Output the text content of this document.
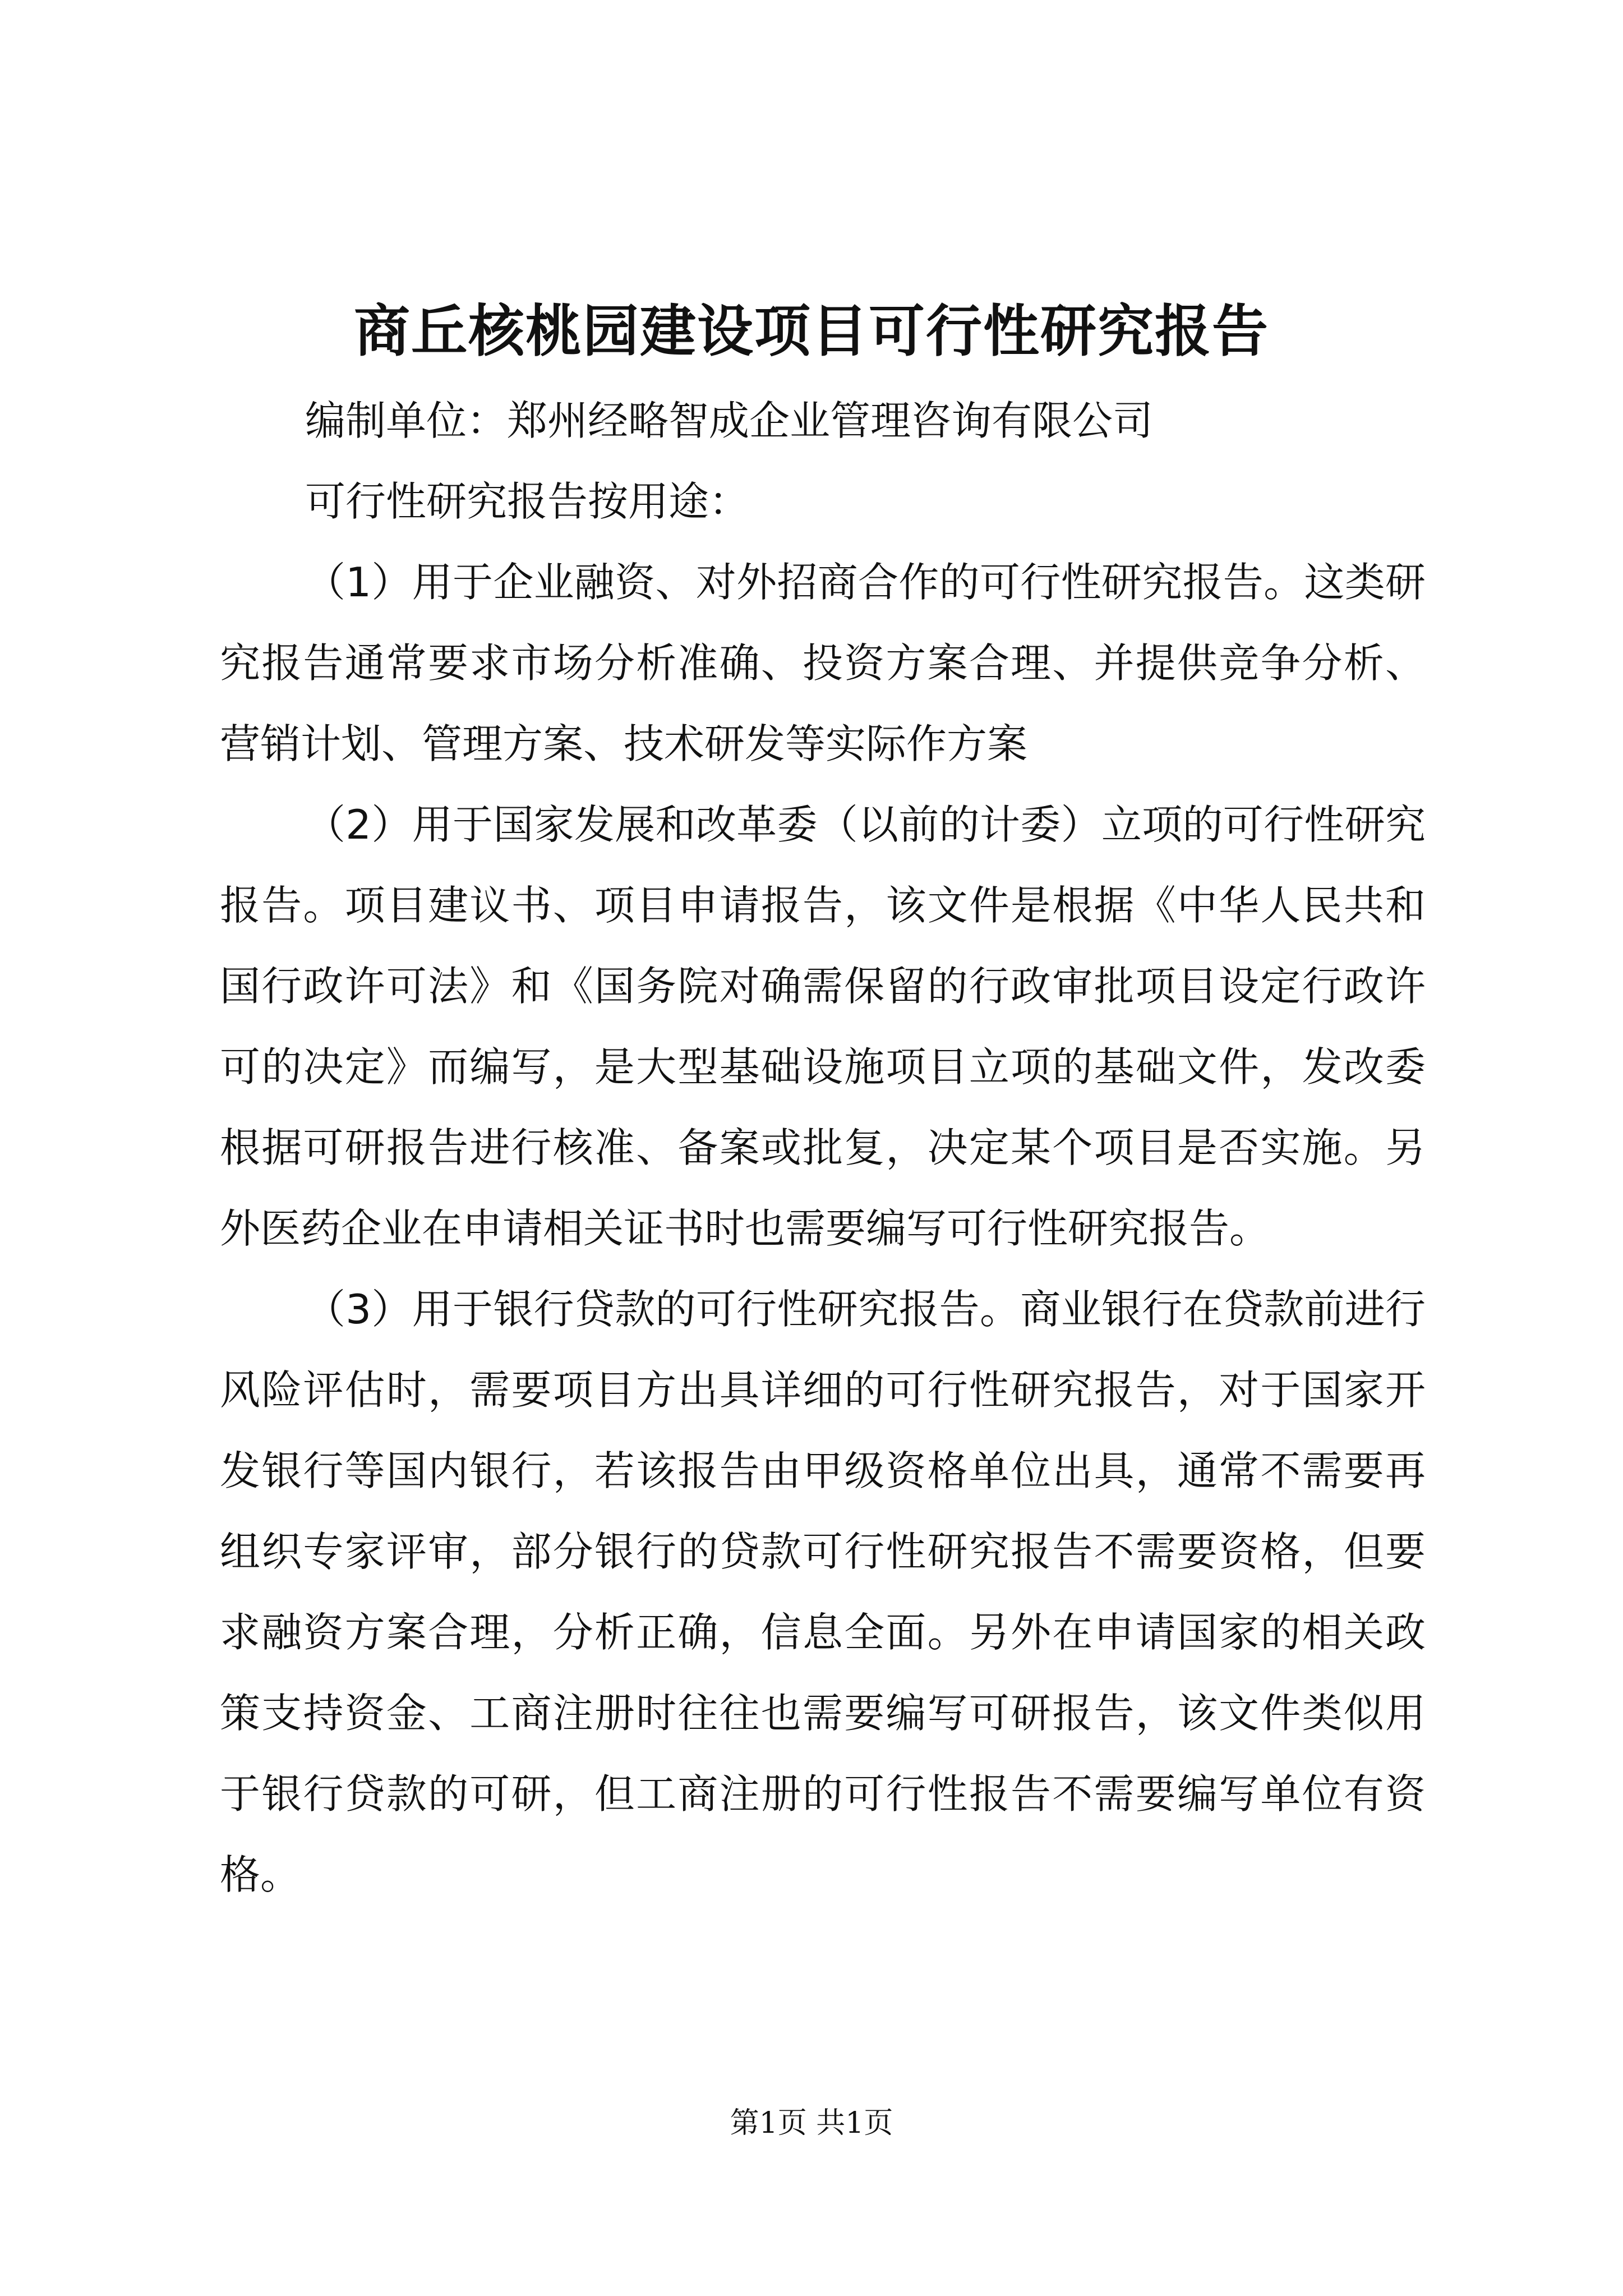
商丘核桃园建设项目可行性研究报告

编制单位：郑州经略智成企业管理咨询有限公司

可行性研究报告按用途：

（1）用于企业融资、对外招商合作的可行性研究报告。这类研究报告通常要求市场分析准确、投资方案合理、并提供竞争分析、营销计划、管理方案、技术研发等实际作方案

（2）用于国家发展和改革委（以前的计委）立项的可行性研究报告。项目建议书、项目申请报告，该文件是根据《中华人民共和国行政许可法》和《国务院对确需保留的行政审批项目设定行政许可的决定》而编写，是大型基础设施项目立项的基础文件，发改委根据可研报告进行核准、备案或批复，决定某个项目是否实施。另外医药企业在申请相关证书时也需要编写可行性研究报告。

（3）用于银行贷款的可行性研究报告。商业银行在贷款前进行风险评估时，需要项目方出具详细的可行性研究报告，对于国家开发银行等国内银行，若该报告由甲级资格单位出具，通常不需要再组织专家评审，部分银行的贷款可行性研究报告不需要资格，但要求融资方案合理，分析正确，信息全面。另外在申请国家的相关政策支持资金、工商注册时往往也需要编写可研报告，该文件类似用于银行贷款的可研，但工商注册的可行性报告不需要编写单位有资格。

第1页 共1页
